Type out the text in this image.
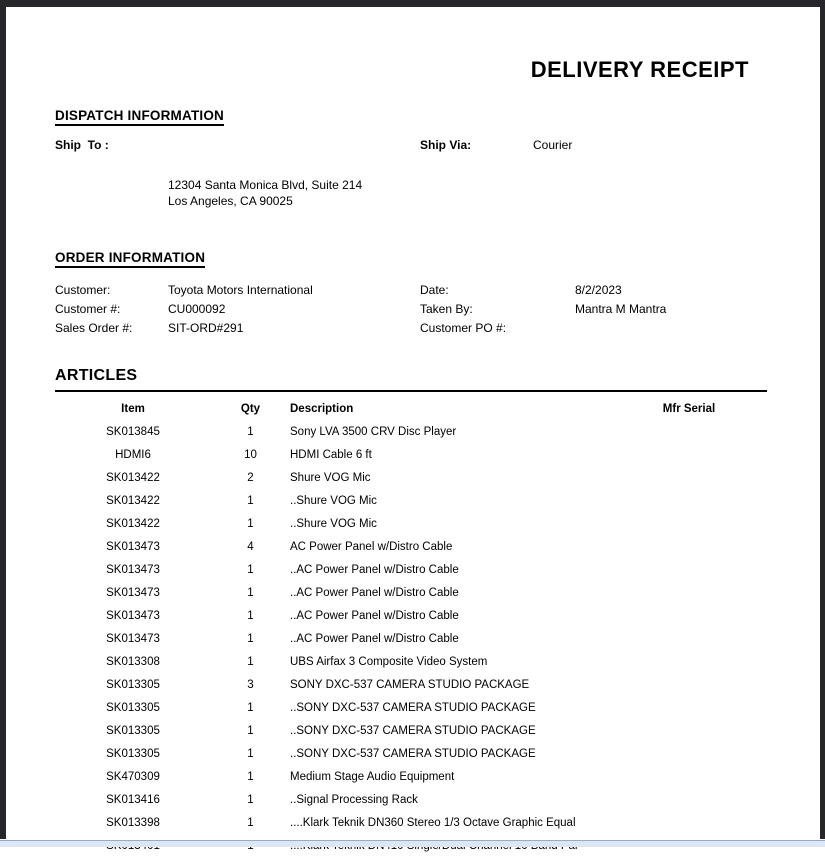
DELIVERY RECEIPT
DISPATCH INFORMATION
Ship  To :	Ship Via:	Courier
12304 Santa Monica Blvd, Suite 214
Los Angeles, CA 90025
ORDER INFORMATION
Customer:	Toyota Motors International	Date:	8/2/2023
Customer #:	CU000092	Taken By:	Mantra M Mantra
Sales Order #:	SIT-ORD#291	Customer PO #:
ARTICLES
Item	Qty	Description	Mfr Serial
SK013845	1	Sony LVA 3500 CRV Disc Player
HDMI6	10	HDMI Cable 6 ft
SK013422	2	Shure VOG Mic
SK013422	1	..Shure VOG Mic
SK013422	1	..Shure VOG Mic
SK013473	4	AC Power Panel w/Distro Cable
SK013473	1	..AC Power Panel w/Distro Cable
SK013473	1	..AC Power Panel w/Distro Cable
SK013473	1	..AC Power Panel w/Distro Cable
SK013473	1	..AC Power Panel w/Distro Cable
SK013308	1	UBS Airfax 3 Composite Video System
SK013305	3	SONY DXC-537 CAMERA STUDIO PACKAGE
SK013305	1	..SONY DXC-537 CAMERA STUDIO PACKAGE
SK013305	1	..SONY DXC-537 CAMERA STUDIO PACKAGE
SK013305	1	..SONY DXC-537 CAMERA STUDIO PACKAGE
SK470309	1	Medium Stage Audio Equipment
SK013416	1	..Signal Processing Rack
SK013398	1	....Klark Teknik DN360 Stereo 1/3 Octave Graphic Equal
